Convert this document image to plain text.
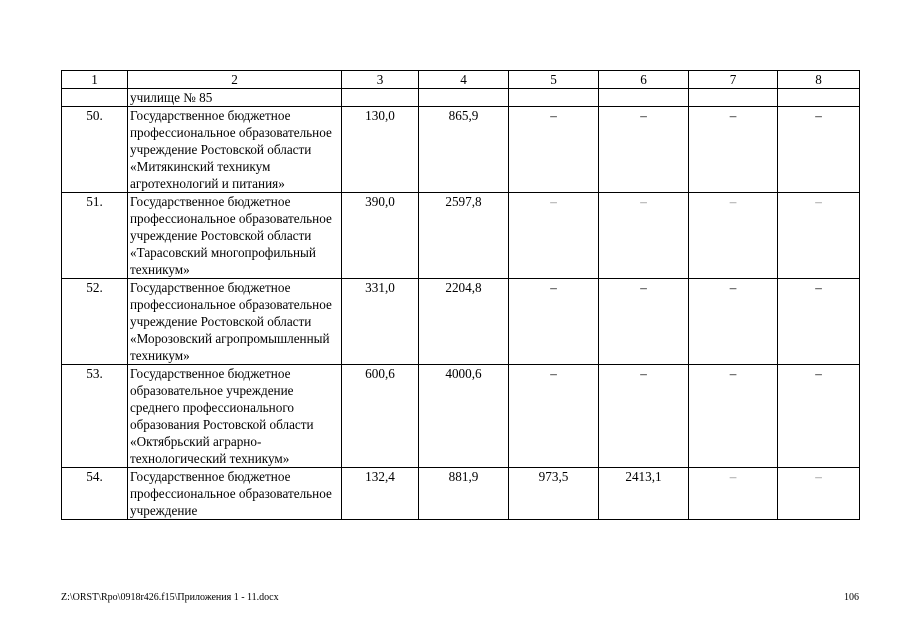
1	2	3	4	5	6	7	8
	училище № 85						
50.	Государственное бюджетное профессиональное образовательное учреждение Ростовской области «Митякинский техникум агротехнологий и питания»	130,0	865,9	–	–	–	–
51.	Государственное бюджетное профессиональное образовательное учреждение Ростовской области «Тарасовский многопрофильный техникум»	390,0	2597,8	–	–	–	–
52.	Государственное бюджетное профессиональное образовательное учреждение Ростовской области «Морозовский агропромышленный техникум»	331,0	2204,8	–	–	–	–
53.	Государственное бюджетное образовательное учреждение среднего профессионального образования Ростовской области «Октябрьский аграрно-технологический техникум»	600,6	4000,6	–	–	–	–
54.	Государственное бюджетное профессиональное образовательное учреждение	132,4	881,9	973,5	2413,1	–	–
Z:\ORST\Rpo\0918r426.f15\Приложения 1 - 11.docx	106
